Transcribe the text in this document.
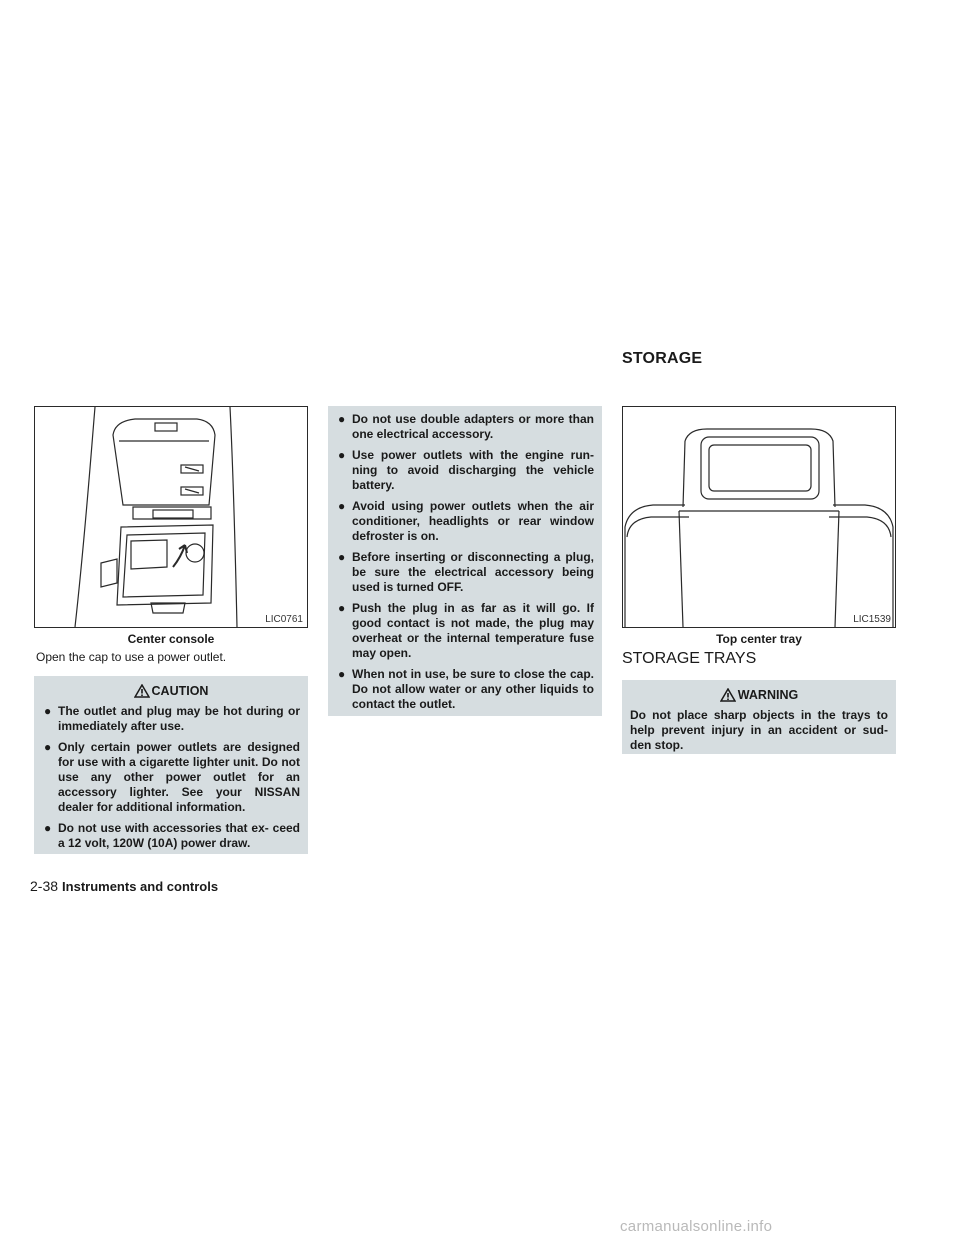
STORAGE
LIC0761
Center console
Open the cap to use a power outlet.
CAUTION
● The outlet and plug may be hot during or immediately after use.
● Only certain power outlets are designed for use with a cigarette lighter unit. Do not use any other power outlet for an accessory lighter. See your NISSAN dealer for additional information.
● Do not use with accessories that ex- ceed a 12 volt, 120W (10A) power draw.
● Do not use double adapters or more than one electrical accessory.
● Use power outlets with the engine run- ning to avoid discharging the vehicle battery.
● Avoid using power outlets when the air conditioner, headlights or rear window defroster is on.
● Before inserting or disconnecting a plug, be sure the electrical accessory being used is turned OFF.
● Push the plug in as far as it will go. If good contact is not made, the plug may overheat or the internal temperature fuse may open.
● When not in use, be sure to close the cap. Do not allow water or any other liquids to contact the outlet.
LIC1539
Top center tray
STORAGE TRAYS
WARNING

Do not place sharp objects in the trays to help prevent injury in an accident or sud- den stop.

2-38 Instruments and controls
carmanualsonline.info
